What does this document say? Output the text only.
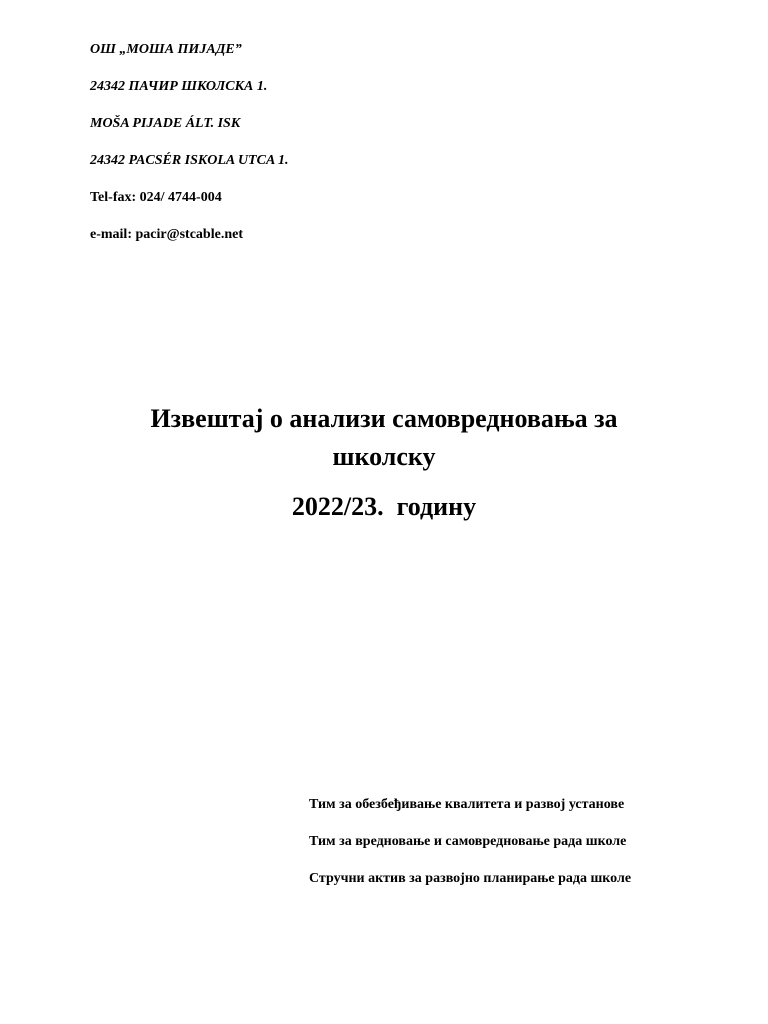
ОШ „МОША ПИЈАДЕ”
24342 ПАЧИР ШКОЛСКА 1.
MOŠA PIJADE ÁLT. ISK
24342 PACSÉR ISKOLA UTCA 1.
Tel-fax: 024/ 4744-004
e-mail: pacir@stcable.net
Извештај о анализи самовредновања за школску
2022/23.  годину
Тим за обезбеђивање квалитета и развој установе
Тим за вредновање и самовредновање рада школе
Стручни актив за развојно планирање рада школе
